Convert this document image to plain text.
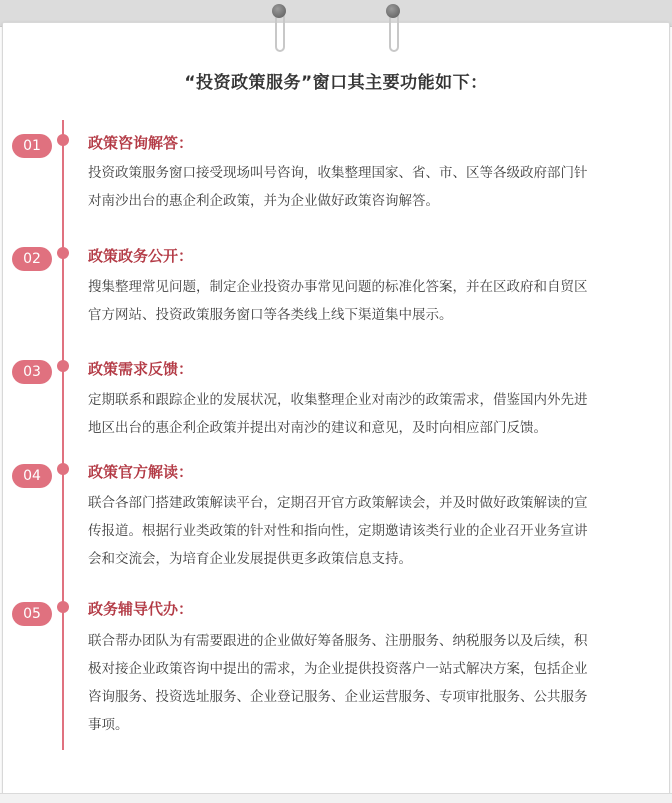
“投资政策服务”窗口其主要功能如下：
01	政策咨询解答：
投资政策服务窗口接受现场叫号咨询，收集整理国家、省、市、区等各级政府部门针
对南沙出台的惠企利企政策，并为企业做好政策咨询解答。
02	政策政务公开：
搜集整理常见问题，制定企业投资办事常见问题的标准化答案，并在区政府和自贸区
官方网站、投资政策服务窗口等各类线上线下渠道集中展示。
03	政策需求反馈：
定期联系和跟踪企业的发展状况，收集整理企业对南沙的政策需求，借鉴国内外先进
地区出台的惠企利企政策并提出对南沙的建议和意见，及时向相应部门反馈。
04	政策官方解读：
联合各部门搭建政策解读平台，定期召开官方政策解读会，并及时做好政策解读的宣
传报道。根据行业类政策的针对性和指向性，定期邀请该类行业的企业召开业务宣讲
会和交流会，为培育企业发展提供更多政策信息支持。
05	政务辅导代办：
联合帮办团队为有需要跟进的企业做好筹备服务、注册服务、纳税服务以及后续，积
极对接企业政策咨询中提出的需求，为企业提供投资落户一站式解决方案，包括企业
咨询服务、投资选址服务、企业登记服务、企业运营服务、专项审批服务、公共服务
事项。
